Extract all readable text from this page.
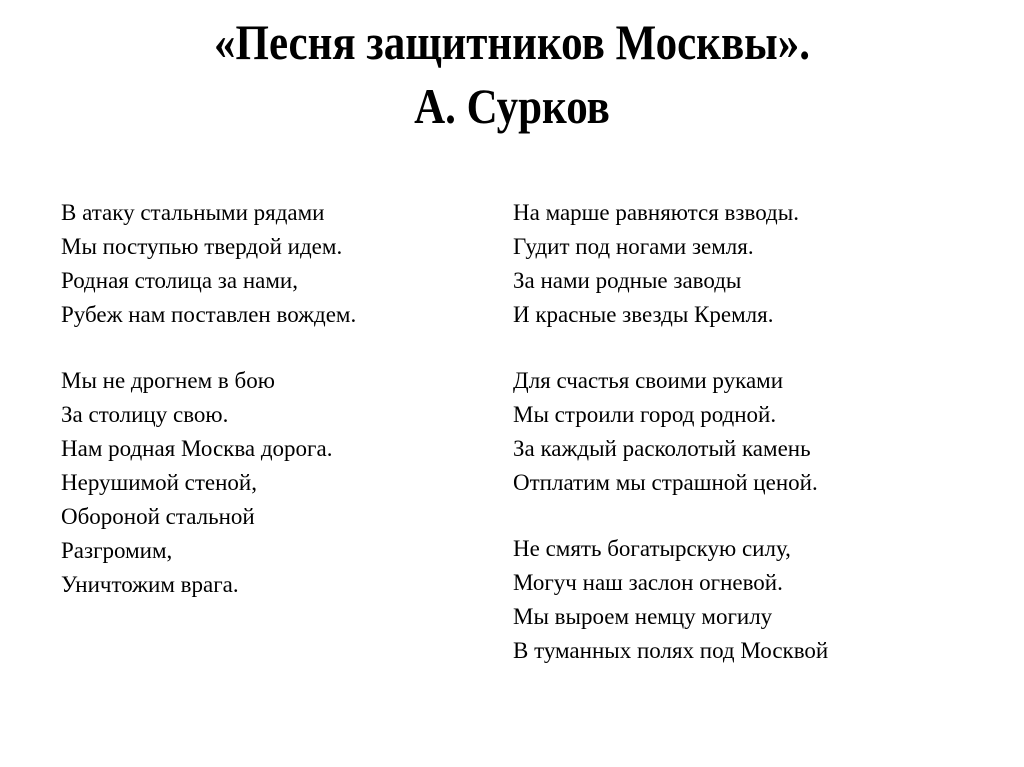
«Песня защитников Москвы».
А. Сурков
В атаку стальными рядами
Мы поступью твердой идем.
Родная столица за нами,
Рубеж нам поставлен вождем.
Мы не дрогнем в бою
За столицу свою.
Нам родная Москва дорога.
Нерушимой стеной,
Обороной стальной
Разгромим,
Уничтожим врага.
На марше равняются взводы.
Гудит под ногами земля.
За нами родные заводы
И красные звезды Кремля.
Для счастья своими руками
Мы строили город родной.
За каждый расколотый камень
Отплатим мы страшной ценой.
Не смять богатырскую силу,
Могуч наш заслон огневой.
Мы выроем немцу могилу
В туманных полях под Москвой
